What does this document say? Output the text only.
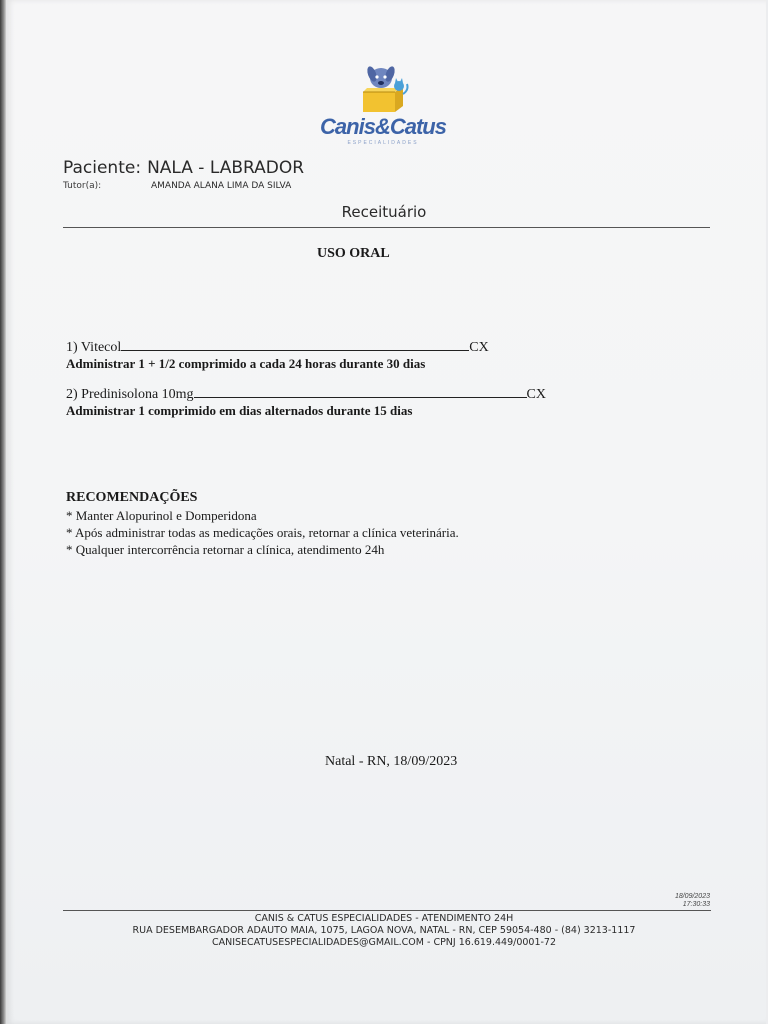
Canis&Catus
ESPECIALIDADES
Paciente: NALA - LABRADOR
Tutor(a):	AMANDA ALANA LIMA DA SILVA
Receituário
USO ORAL
1) Vitecol	CX
Administrar 1 + 1/2 comprimido a cada 24 horas durante 30 dias
2) Predinisolona 10mg	CX
Administrar 1 comprimido em dias alternados durante 15 dias
RECOMENDAÇÕES
* Manter Alopurinol e Domperidona
* Após administrar todas as medicações orais, retornar a clínica veterinária.
* Qualquer intercorrência retornar a clínica, atendimento 24h
Natal - RN, 18/09/2023
18/09/2023
17:30:33
CANIS & CATUS ESPECIALIDADES - ATENDIMENTO 24H
RUA DESEMBARGADOR ADAUTO MAIA, 1075, LAGOA NOVA, NATAL - RN, CEP 59054-480 - (84) 3213-1117
CANISECATUSESPECIALIDADES@GMAIL.COM - CPNJ 16.619.449/0001-72
